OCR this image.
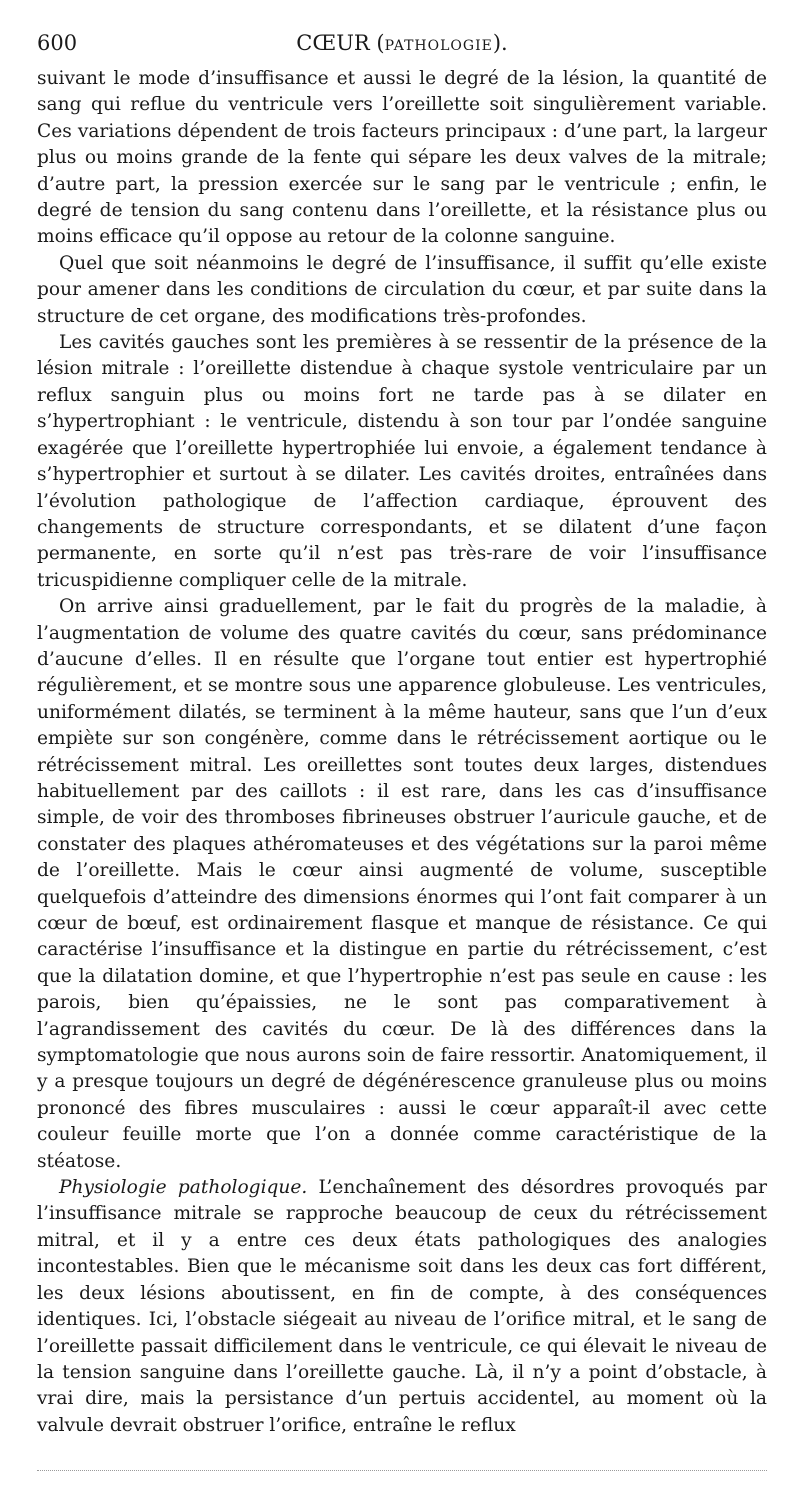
600	CŒUR (PATHOLOGIE).

suivant le mode d’insuffisance et aussi le degré de la lésion, la quantité de sang qui reflue du ventricule vers l’oreillette soit singulièrement variable. Ces variations dépendent de trois facteurs principaux : d’une part, la largeur plus ou moins grande de la fente qui sépare les deux valves de la mitrale; d’autre part, la pression exercée sur le sang par le ventricule ; enfin, le degré de tension du sang contenu dans l’oreillette, et la résistance plus ou moins efficace qu’il oppose au retour de la colonne sanguine.

Quel que soit néanmoins le degré de l’insuffisance, il suffit qu’elle existe pour amener dans les conditions de circulation du cœur, et par suite dans la structure de cet organe, des modifications très-profondes.

Les cavités gauches sont les premières à se ressentir de la présence de la lésion mitrale : l’oreillette distendue à chaque systole ventriculaire par un reflux sanguin plus ou moins fort ne tarde pas à se dilater en s’hypertrophiant : le ventricule, distendu à son tour par l’ondée sanguine exagérée que l’oreillette hypertrophiée lui envoie, a également tendance à s’hypertrophier et surtout à se dilater. Les cavités droites, entraînées dans l’évolution pathologique de l’affection cardiaque, éprouvent des changements de structure correspondants, et se dilatent d’une façon permanente, en sorte qu’il n’est pas très-rare de voir l’insuffisance tricuspidienne compliquer celle de la mitrale.

On arrive ainsi graduellement, par le fait du progrès de la maladie, à l’augmentation de volume des quatre cavités du cœur, sans prédominance d’aucune d’elles. Il en résulte que l’organe tout entier est hypertrophié régulièrement, et se montre sous une apparence globuleuse. Les ventricules, uniformément dilatés, se terminent à la même hauteur, sans que l’un d’eux empiète sur son congénère, comme dans le rétrécissement aortique ou le rétrécissement mitral. Les oreillettes sont toutes deux larges, distendues habituellement par des caillots : il est rare, dans les cas d’insuffisance simple, de voir des thromboses fibrineuses obstruer l’auricule gauche, et de constater des plaques athéromateuses et des végétations sur la paroi même de l’oreillette. Mais le cœur ainsi augmenté de volume, susceptible quelquefois d’atteindre des dimensions énormes qui l’ont fait comparer à un cœur de bœuf, est ordinairement flasque et manque de résistance. Ce qui caractérise l’insuffisance et la distingue en partie du rétrécissement, c’est que la dilatation domine, et que l’hypertrophie n’est pas seule en cause : les parois, bien qu’épaissies, ne le sont pas comparativement à l’agrandissement des cavités du cœur. De là des différences dans la symptomatologie que nous aurons soin de faire ressortir. Anatomiquement, il y a presque toujours un degré de dégénérescence granuleuse plus ou moins prononcé des fibres musculaires : aussi le cœur apparaît-il avec cette couleur feuille morte que l’on a donnée comme caractéristique de la stéatose.

Physiologie pathologique. L’enchaînement des désordres provoqués par l’insuffisance mitrale se rapproche beaucoup de ceux du rétrécissement mitral, et il y a entre ces deux états pathologiques des analogies incontestables. Bien que le mécanisme soit dans les deux cas fort différent, les deux lésions aboutissent, en fin de compte, à des conséquences identiques. Ici, l’obstacle siégeait au niveau de l’orifice mitral, et le sang de l’oreillette passait difficilement dans le ventricule, ce qui élevait le niveau de la tension sanguine dans l’oreillette gauche. Là, il n’y a point d’obstacle, à vrai dire, mais la persistance d’un pertuis accidentel, au moment où la valvule devrait obstruer l’orifice, entraîne le reflux
